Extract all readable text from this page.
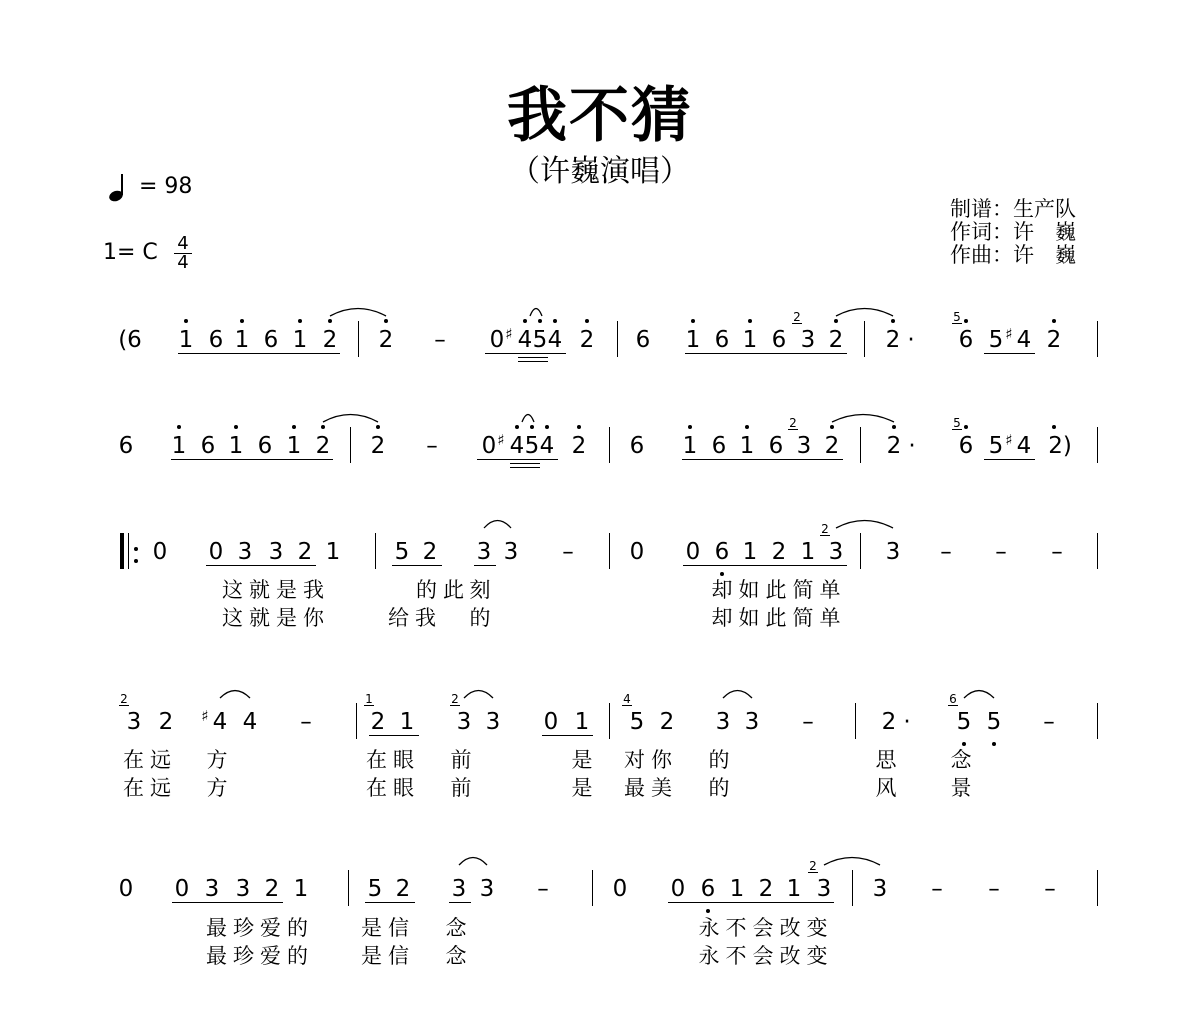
我不猜
（许巍演唱）
= 98
1= C 4
4
制谱：生产队
作词：许　巍
作曲：许　巍
(6 1 6 1 6 1 2 2 – 0 ♯ 4 5 4 2 6 1 6 1 6 3 2 2 · 6 5 ♯ 4 2
2	5
6 1 6 1 6 1 2 2 – 0 ♯ 4 5 4 2 6 1 6 1 6 3 2 2 · 6 5 ♯ 4 2)
2	5
0 0 3 3 2 1 5 2 3 3 – 0 0 6 1 2 1 3 3 – – –
2
这就是我	的此 刻	却如此简单
这就是你	给我 的	却如此简单
3 2 ♯ 4 4 –	2 1 3 3 0 1 5 2 3 3 –	2 · 5 5 –
2	1	2	4	6
在远 方	在眼 前	是 对你 的	思 念
在远 方	在眼 前	是 最美 的	风 景
0 0 3 3 2 1	5 2 3 3 –	0 0 6 1 2 1 3 3 – – –
2
最珍爱的 是信 念	永不会改变
最珍爱的 是信 念	永不会改变
